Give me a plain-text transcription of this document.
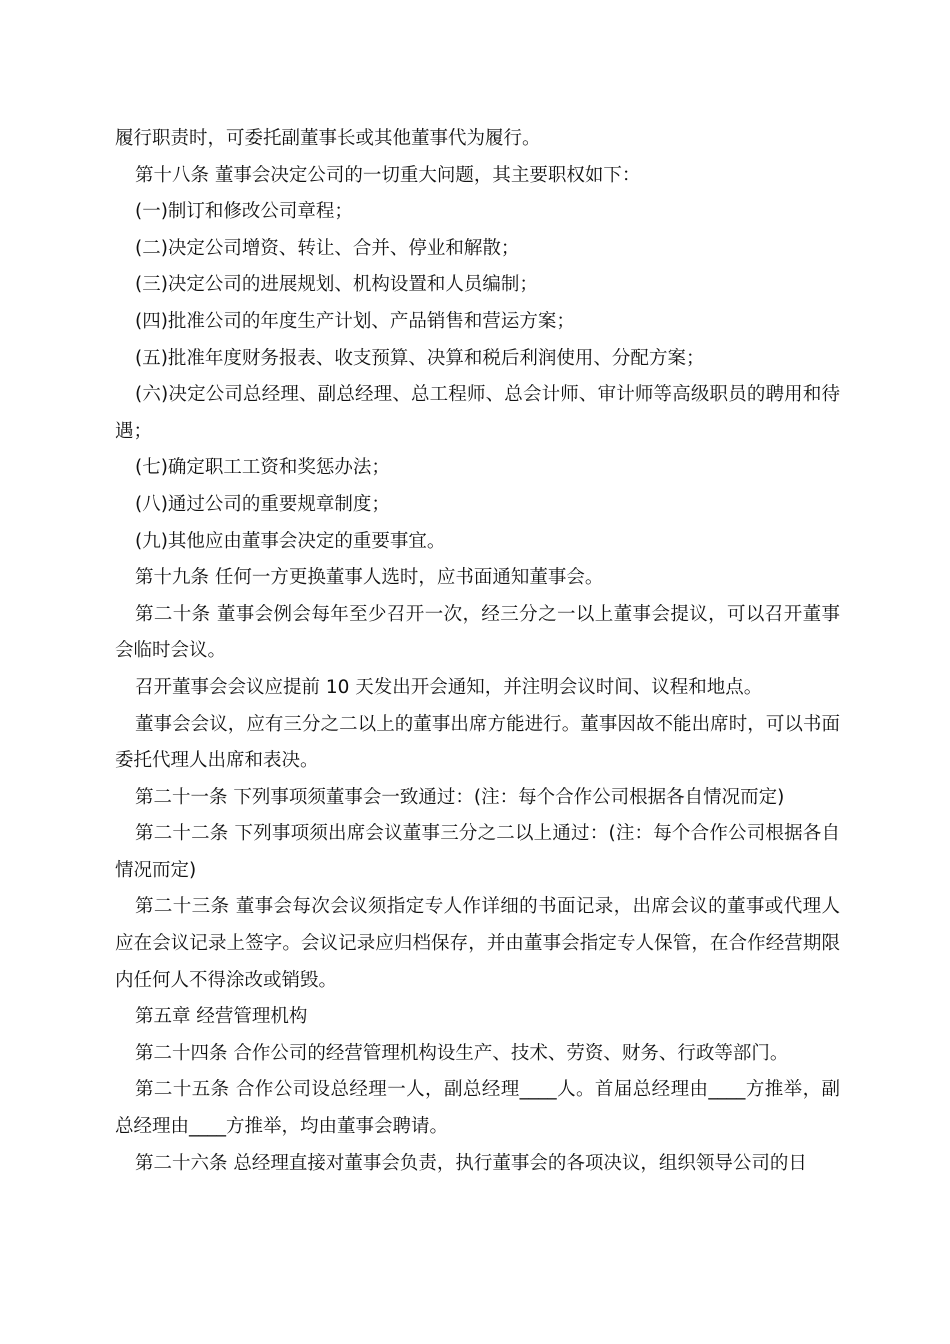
履行职责时，可委托副董事长或其他董事代为履行。

第十八条 董事会决定公司的一切重大问题，其主要职权如下：

(一)制订和修改公司章程；

(二)决定公司增资、转让、合并、停业和解散；

(三)决定公司的进展规划、机构设置和人员编制；

(四)批准公司的年度生产计划、产品销售和营运方案；

(五)批准年度财务报表、收支预算、决算和税后利润使用、分配方案；

(六)决定公司总经理、副总经理、总工程师、总会计师、审计师等高级职员的聘用和待遇；

(七)确定职工工资和奖惩办法；

(八)通过公司的重要规章制度；

(九)其他应由董事会决定的重要事宜。

第十九条 任何一方更换董事人选时，应书面通知董事会。

第二十条 董事会例会每年至少召开一次，经三分之一以上董事会提议，可以召开董事会临时会议。

召开董事会会议应提前 10 天发出开会通知，并注明会议时间、议程和地点。

董事会会议，应有三分之二以上的董事出席方能进行。董事因故不能出席时，可以书面委托代理人出席和表决。

第二十一条 下列事项须董事会一致通过：(注：每个合作公司根据各自情况而定)

第二十二条 下列事项须出席会议董事三分之二以上通过：(注：每个合作公司根据各自情况而定)

第二十三条 董事会每次会议须指定专人作详细的书面记录，出席会议的董事或代理人应在会议记录上签字。会议记录应归档保存，并由董事会指定专人保管，在合作经营期限内任何人不得涂改或销毁。

第五章 经营管理机构

第二十四条 合作公司的经营管理机构设生产、技术、劳资、财务、行政等部门。

第二十五条 合作公司设总经理一人，副总经理____人。首届总经理由____方推举，副总经理由____方推举，均由董事会聘请。

第二十六条 总经理直接对董事会负责，执行董事会的各项决议，组织领导公司的日
